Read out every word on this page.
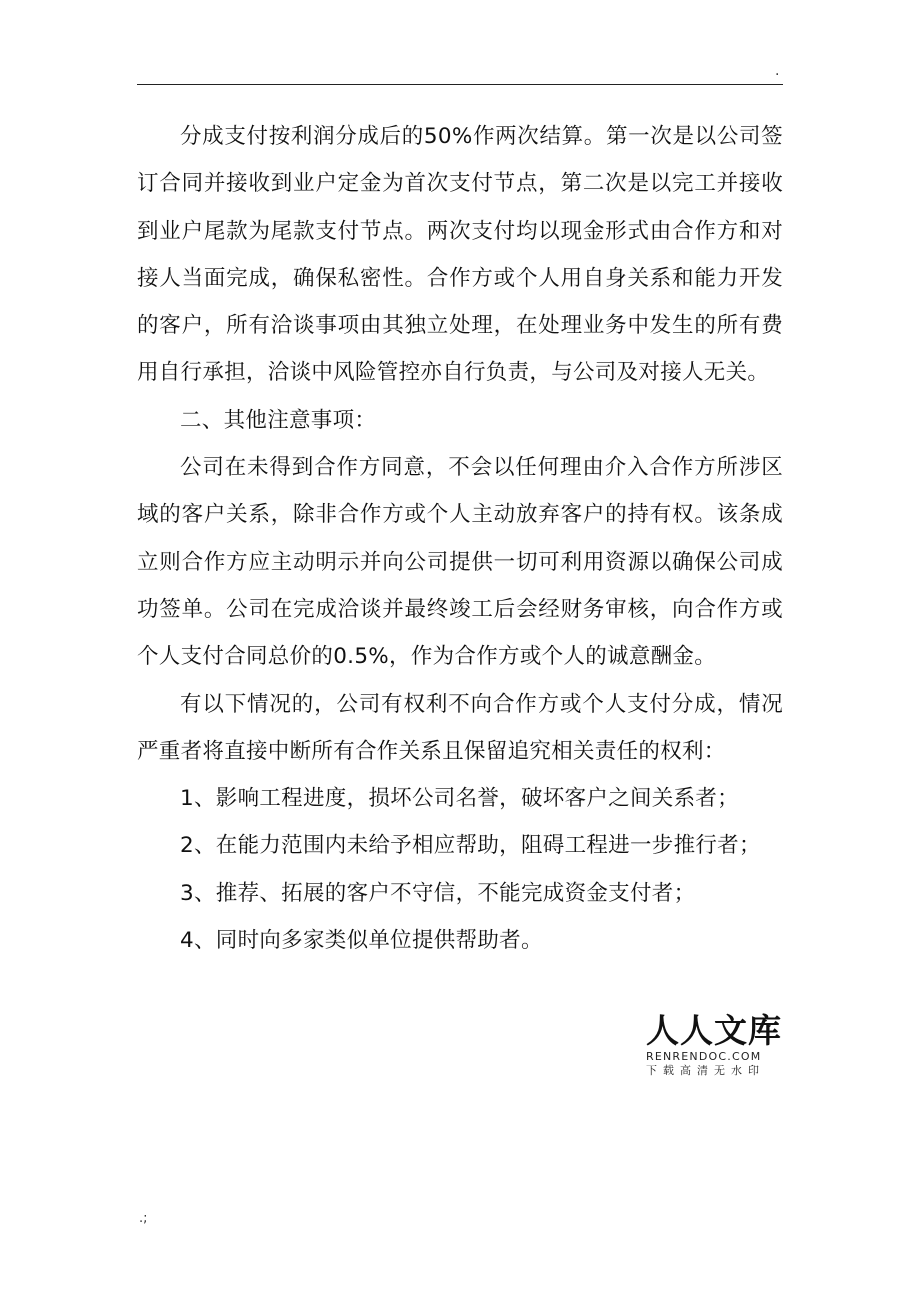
.

分成支付按利润分成后的50%作两次结算。第一次是以公司签订合同并接收到业户定金为首次支付节点，第二次是以完工并接收到业户尾款为尾款支付节点。两次支付均以现金形式由合作方和对接人当面完成，确保私密性。合作方或个人用自身关系和能力开发的客户，所有洽谈事项由其独立处理，在处理业务中发生的所有费用自行承担，洽谈中风险管控亦自行负责，与公司及对接人无关。

二、其他注意事项：

公司在未得到合作方同意，不会以任何理由介入合作方所涉区域的客户关系，除非合作方或个人主动放弃客户的持有权。该条成立则合作方应主动明示并向公司提供一切可利用资源以确保公司成功签单。公司在完成洽谈并最终竣工后会经财务审核，向合作方或个人支付合同总价的0.5%，作为合作方或个人的诚意酬金。

有以下情况的，公司有权利不向合作方或个人支付分成，情况严重者将直接中断所有合作关系且保留追究相关责任的权利：

1、影响工程进度，损坏公司名誉，破坏客户之间关系者；

2、在能力范围内未给予相应帮助，阻碍工程进一步推行者；

3、推荐、拓展的客户不守信，不能完成资金支付者；

4、同时向多家类似单位提供帮助者。

人人文库
RENRENDOC.COM
下载高清无水印
.;
